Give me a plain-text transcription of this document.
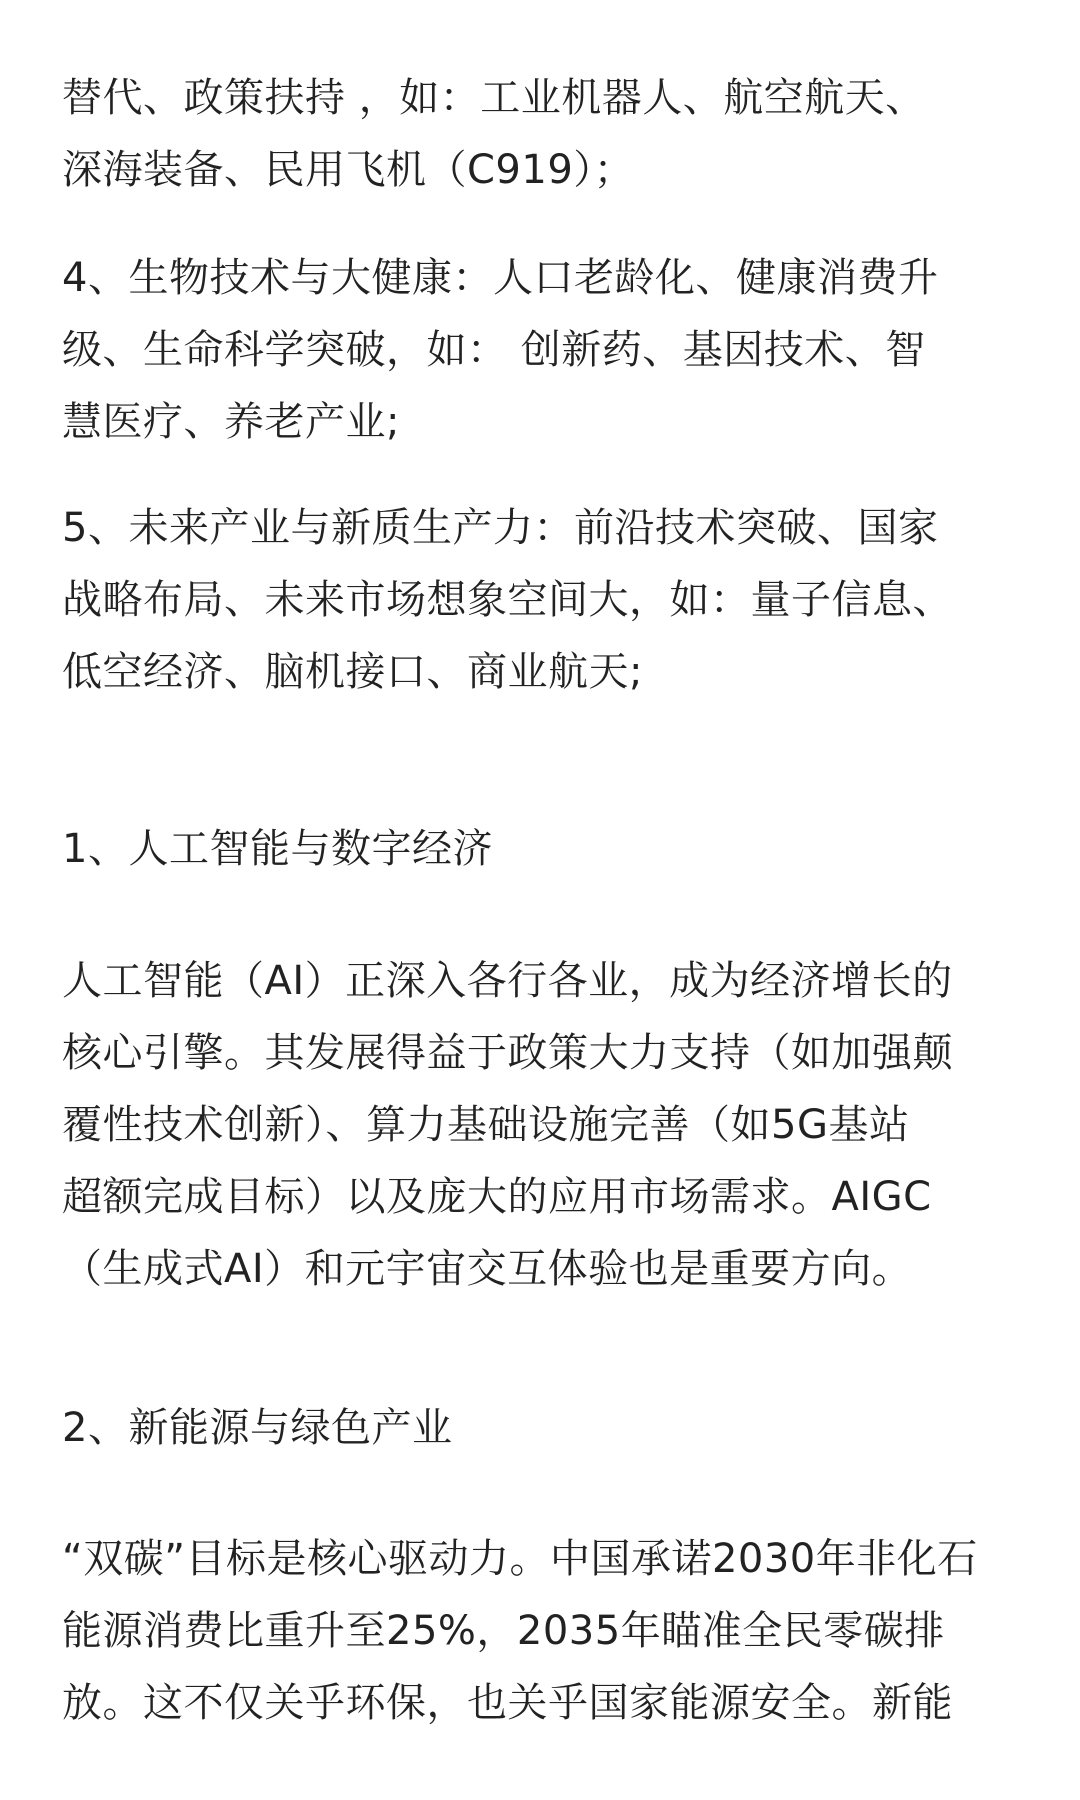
替代、政策扶持 ，如：工业机器人、航空航天、
深海装备、民用飞机（C919）；
4、生物技术与大健康：人口老龄化、健康消费升
级、生命科学突破，如： 创新药、基因技术、智
慧医疗、养老产业;
5、未来产业与新质生产力：前沿技术突破、国家
战略布局、未来市场想象空间大，如：量子信息、
低空经济、脑机接口、商业航天;
1、人工智能与数字经济
人工智能（AI）正深入各行各业，成为经济增长的
核心引擎。其发展得益于政策大力支持（如加强颠
覆性技术创新）、算力基础设施完善（如5G基站
超额完成目标）以及庞大的应用市场需求。AIGC
（生成式AI）和元宇宙交互体验也是重要方向。
2、新能源与绿色产业
“双碳”目标是核心驱动力。中国承诺2030年非化石
能源消费比重升至25%，2035年瞄准全民零碳排
放。这不仅关乎环保，也关乎国家能源安全。新能
